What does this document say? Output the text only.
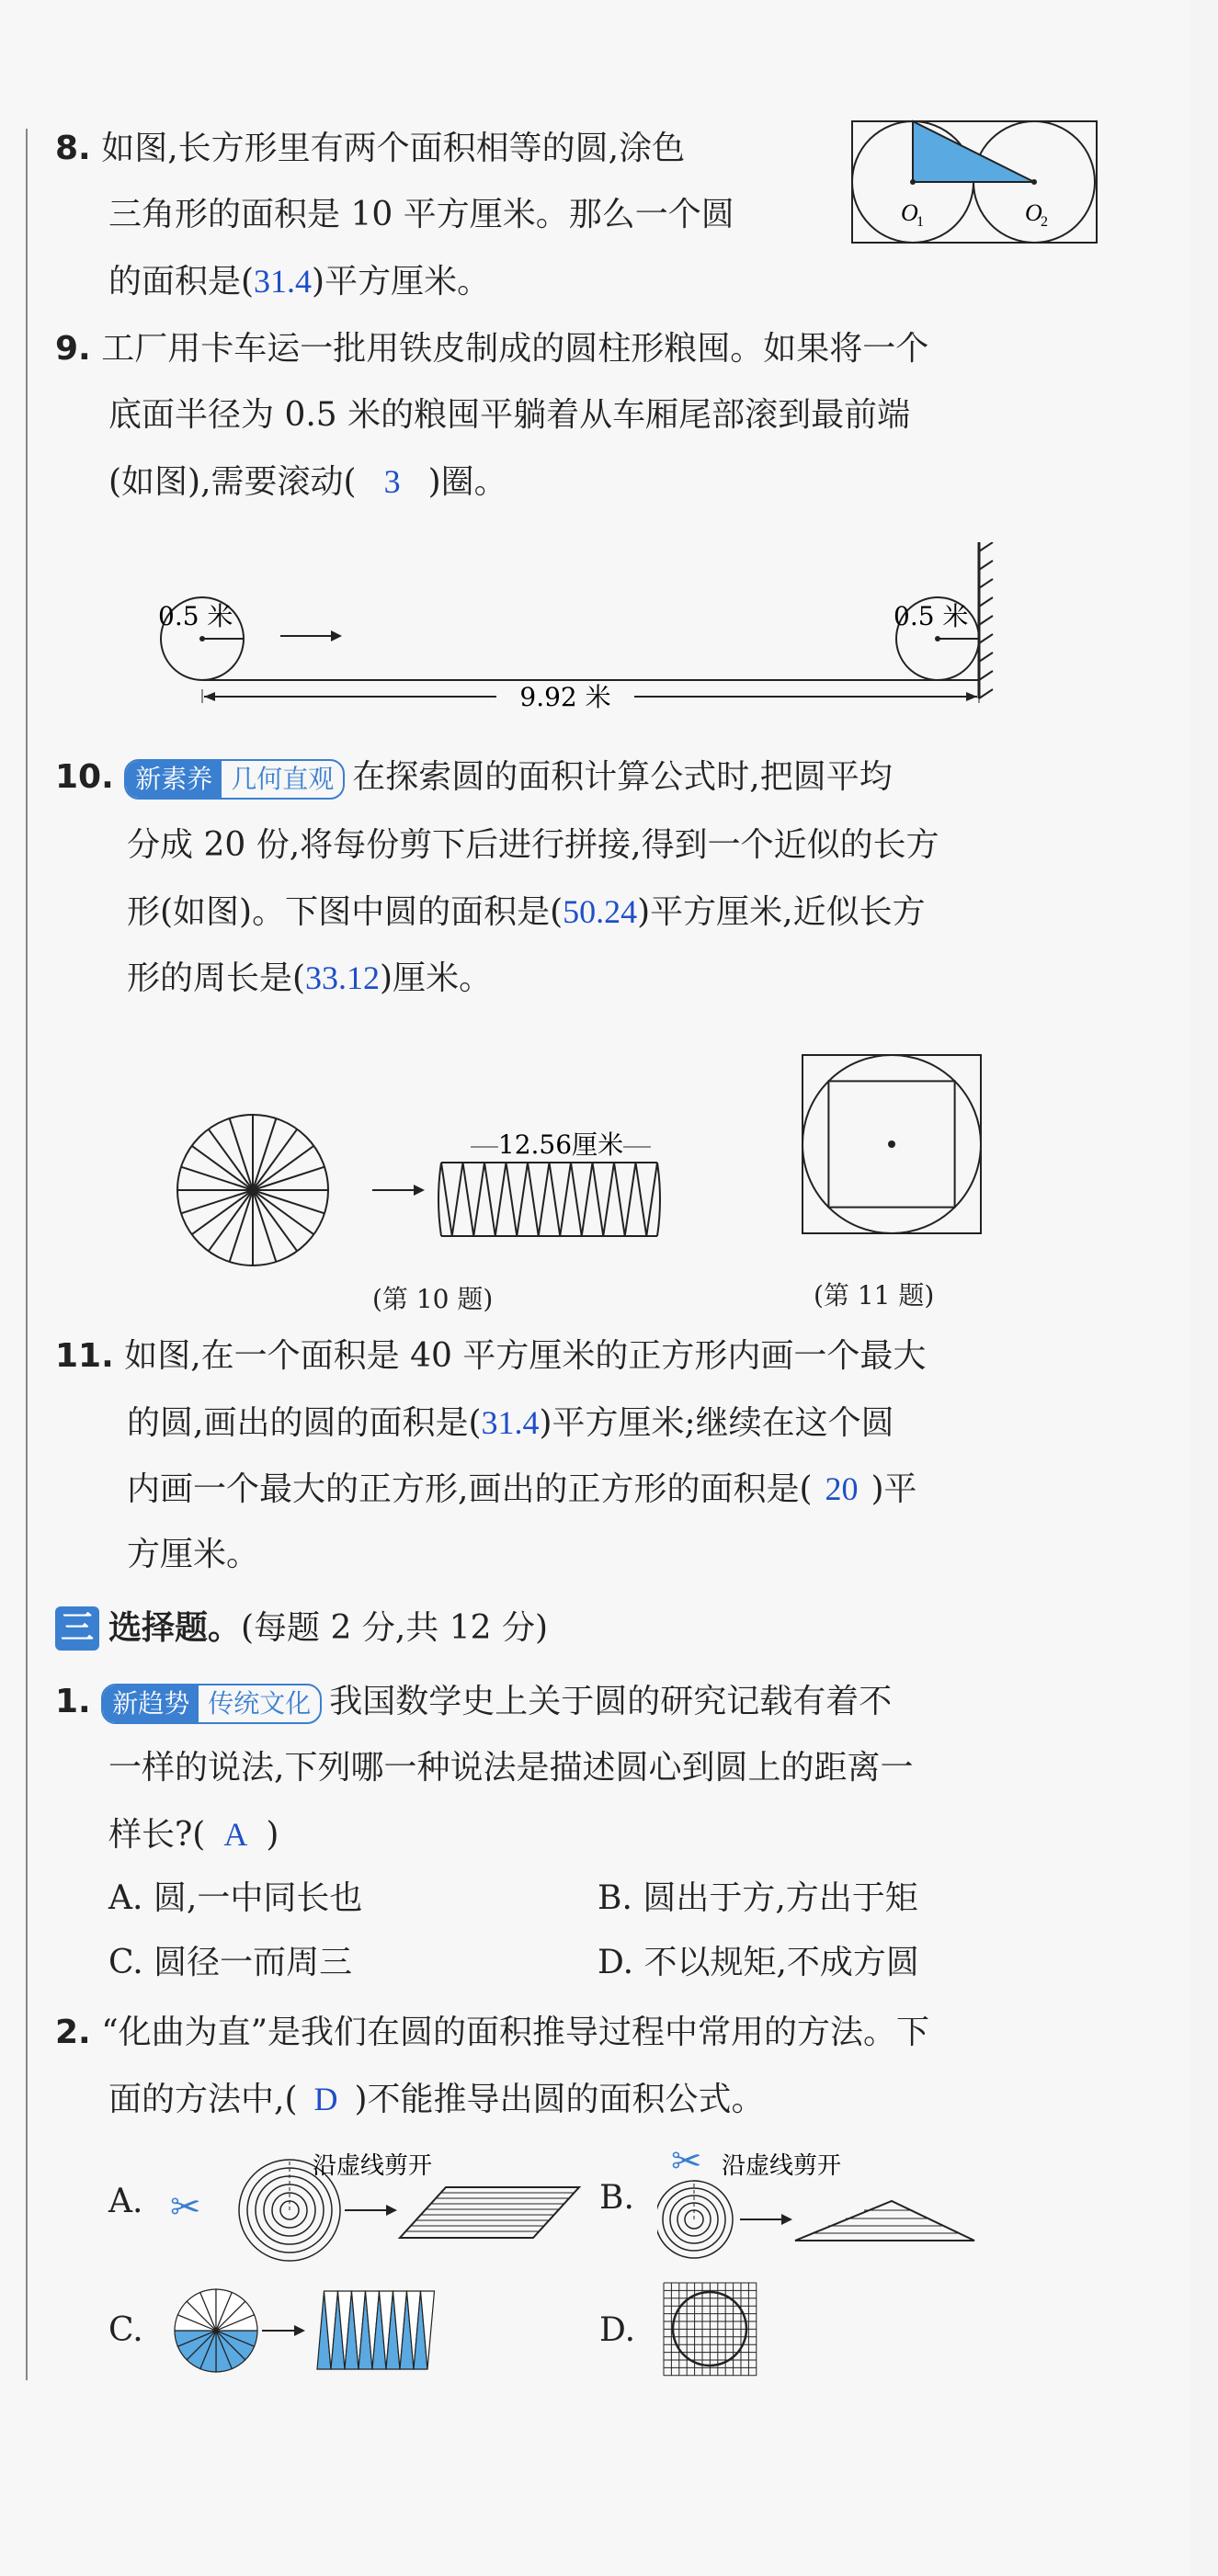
8. 如图,长方形里有两个面积相等的圆,涂色
三角形的面积是 10 平方厘米。那么一个圆
的面积是(31.4)平方厘米。
O
1	O
2
9. 工厂用卡车运一批用铁皮制成的圆柱形粮囤。如果将一个
底面半径为 0.5 米的粮囤平躺着从车厢尾部滚到最前端
(如图),需要滚动( 3 )圈。
0.5 米	0.5 米
9.92 米
10. 新素养 几何直观 在探索圆的面积计算公式时,把圆平均
分成 20 份,将每份剪下后进行拼接,得到一个近似的长方
形(如图)。下图中圆的面积是(50.24)平方厘米,近似长方
形的周长是(33.12)厘米。
12.56厘米
(第 10 题)	(第 11 题)
11. 如图,在一个面积是 40 平方厘米的正方形内画一个最大
的圆,画出的圆的面积是(31.4)平方厘米;继续在这个圆
内画一个最大的正方形,画出的正方形的面积是( 20 )平
方厘米。
三 选择题。(每题 2 分,共 12 分)
1. 新趋势 传统文化 我国数学史上关于圆的研究记载有着不
一样的说法,下列哪一种说法是描述圆心到圆上的距离一
样长?( A )
A. 圆,一中同长也	B. 圆出于方,方出于矩
C. 圆径一而周三	D. 不以规矩,不成方圆
2. “化曲为直”是我们在圆的面积推导过程中常用的方法。下
面的方法中,( D )不能推导出圆的面积公式。
A. ✂
沿虚线剪开
B.
✂ 沿虚线剪开
C.	D.
